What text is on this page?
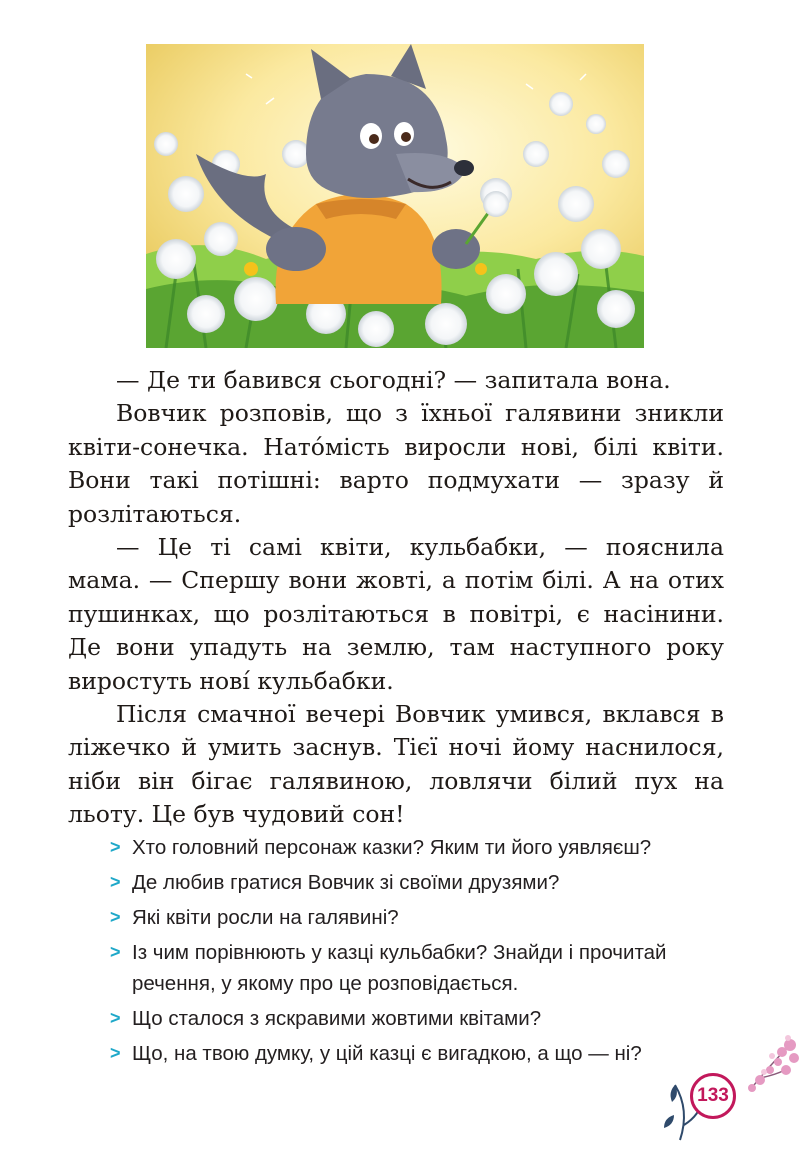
— Де ти бавився сьогодні? — запитала вона.

Вовчик розповів, що з їхньої галявини зникли квіти-сонечка. Нато́мість виросли нові, білі квіти. Вони такі потішні: варто подмухати — зразу й розлітаються.

— Це ті самі квіти, кульбабки, — пояснила мама. — Спершу вони жовті, а потім білі. А на отих пушинках, що розлітаються в повітрі, є насінини. Де вони упадуть на землю, там наступного року виростуть нові́ кульбабки.

Після смачної вечері Вовчик умився, вклався в ліжечко й умить заснув. Тієї ночі йому наснилося, ніби він бігає галявиною, ловлячи білий пух на льоту. Це був чудовий сон!

> Хто головний персонаж казки? Яким ти його уявляєш?
> Де любив гратися Вовчик зі своїми друзями?
> Які квіти росли на галявині?
> Із чим порівнюють у казці кульбабки? Знайди і прочитай речення, у якому про це розповідається.
> Що сталося з яскравими жовтими квітами?
> Що, на твою думку, у цій казці є вигадкою, а що — ні?
133
